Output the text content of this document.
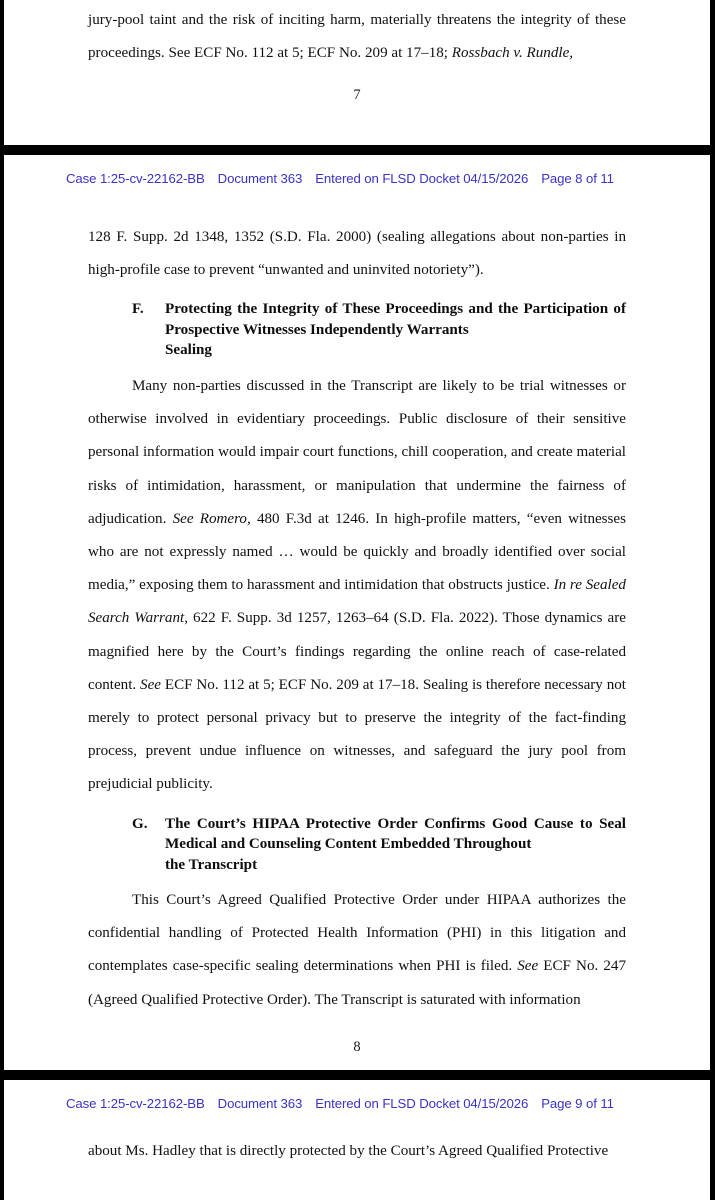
jury-pool taint and the risk of inciting harm, materially threatens the integrity of these proceedings. See ECF No. 112 at 5; ECF No. 209 at 17–18; Rossbach v. Rundle,

7
Case 1:25-cv-22162-BB Document 363 Entered on FLSD Docket 04/15/2026 Page 8 of 11

128 F. Supp. 2d 1348, 1352 (S.D. Fla. 2000) (sealing allegations about non-parties in high-profile case to prevent “unwanted and uninvited notoriety”).

F.	Protecting the Integrity of These Proceedings and the Participation of Prospective Witnesses Independently Warrants
Sealing

Many non-parties discussed in the Transcript are likely to be trial witnesses or otherwise involved in evidentiary proceedings. Public disclosure of their sensitive personal information would impair court functions, chill cooperation, and create material risks of intimidation, harassment, or manipulation that undermine the fairness of adjudication. See Romero, 480 F.3d at 1246. In high-profile matters, “even witnesses who are not expressly named … would be quickly and broadly identified over social media,” exposing them to harassment and intimidation that obstructs justice. In re Sealed Search Warrant, 622 F. Supp. 3d 1257, 1263–64 (S.D. Fla. 2022). Those dynamics are magnified here by the Court’s findings regarding the online reach of case-related content. See ECF No. 112 at 5; ECF No. 209 at 17–18. Sealing is therefore necessary not merely to protect personal privacy but to preserve the integrity of the fact-finding process, prevent undue influence on witnesses, and safeguard the jury pool from prejudicial publicity.

G.	The Court’s HIPAA Protective Order Confirms Good Cause to Seal Medical and Counseling Content Embedded Throughout
the Transcript

This Court’s Agreed Qualified Protective Order under HIPAA authorizes the confidential handling of Protected Health Information (PHI) in this litigation and contemplates case-specific sealing determinations when PHI is filed. See ECF No. 247 (Agreed Qualified Protective Order). The Transcript is saturated with information

8
Case 1:25-cv-22162-BB Document 363 Entered on FLSD Docket 04/15/2026 Page 9 of 11

about Ms. Hadley that is directly protected by the Court’s Agreed Qualified Protective
